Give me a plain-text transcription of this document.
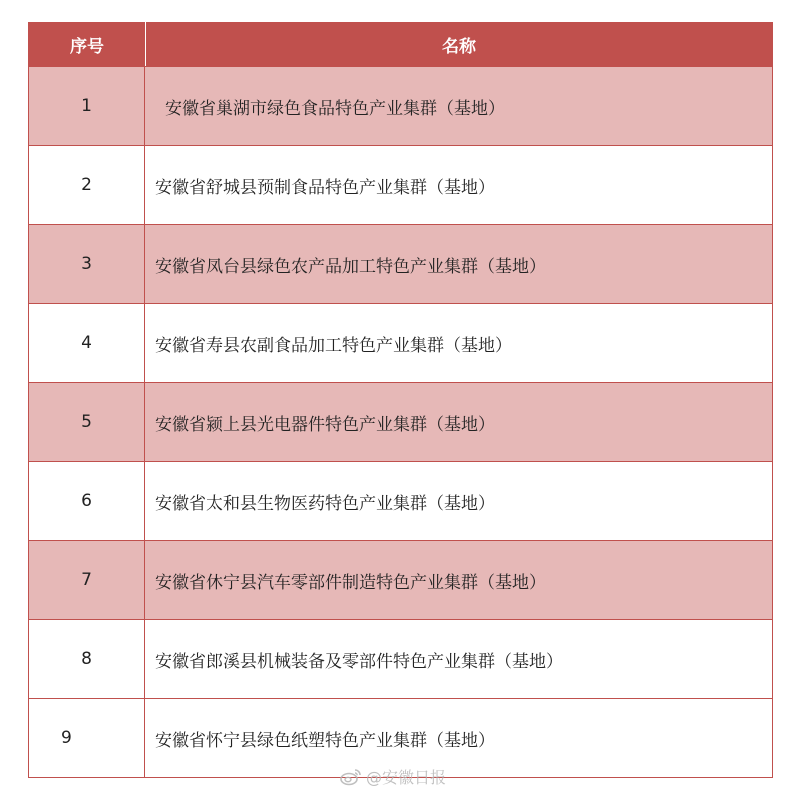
序号	名称
1	安徽省巢湖市绿色食品特色产业集群（基地）
2	安徽省舒城县预制食品特色产业集群（基地）
3	安徽省凤台县绿色农产品加工特色产业集群（基地）
4	安徽省寿县农副食品加工特色产业集群（基地）
5	安徽省颍上县光电器件特色产业集群（基地）
6	安徽省太和县生物医药特色产业集群（基地）
7	安徽省休宁县汽车零部件制造特色产业集群（基地）
8	安徽省郎溪县机械装备及零部件特色产业集群（基地）
9	安徽省怀宁县绿色纸塑特色产业集群（基地）
@安徽日报
